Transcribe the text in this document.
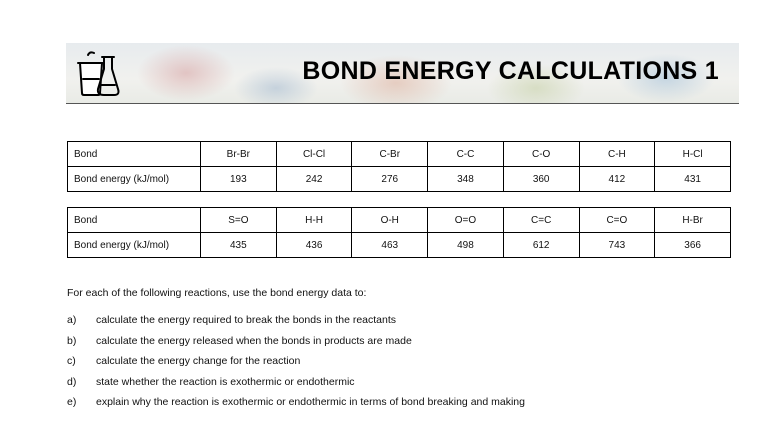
BOND ENERGY CALCULATIONS 1
Bond	Br-Br	Cl-Cl	C-Br	C-C	C-O	C-H	H-Cl
Bond energy (kJ/mol)	193	242	276	348	360	412	431
Bond	S=O	H-H	O-H	O=O	C=C	C=O	H-Br
Bond energy (kJ/mol)	435	436	463	498	612	743	366

For each of the following reactions, use the bond energy data to:

a)	calculate the energy required to break the bonds in the reactants
b)	calculate the energy released when the bonds in products are made
c)	calculate the energy change for the reaction
d)	state whether the reaction is exothermic or endothermic
e)	explain why the reaction is exothermic or endothermic in terms of bond breaking and making
